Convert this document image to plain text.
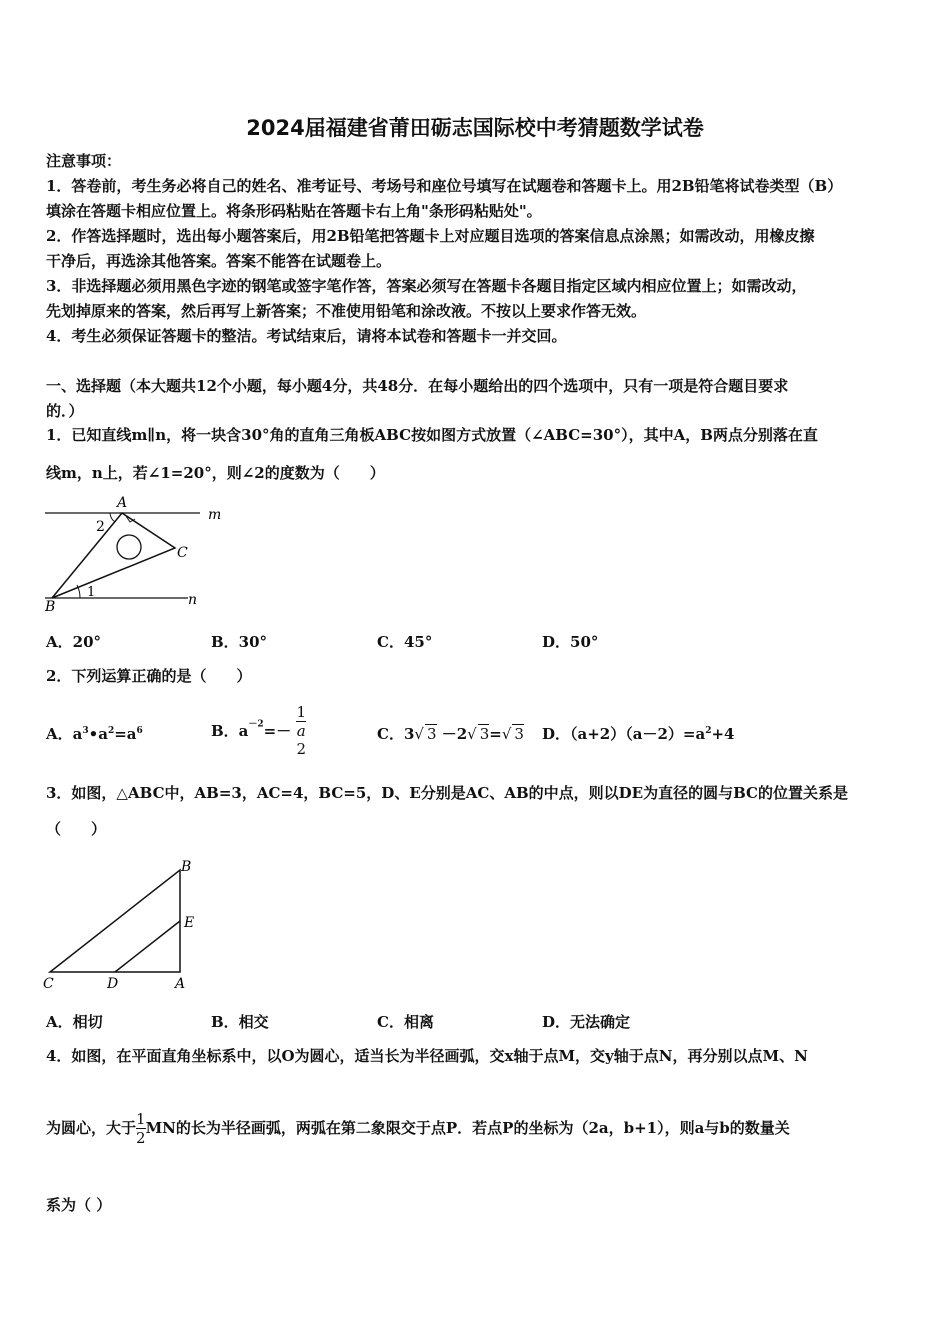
2024届福建省莆田砺志国际校中考猜题数学试卷
注意事项：
1．答卷前，考生务必将自己的姓名、准考证号、考场号和座位号填写在试题卷和答题卡上。用2B铅笔将试卷类型（B）
填涂在答题卡相应位置上。将条形码粘贴在答题卡右上角"条形码粘贴处"。
2．作答选择题时，选出每小题答案后，用2B铅笔把答题卡上对应题目选项的答案信息点涂黑；如需改动，用橡皮擦
干净后，再选涂其他答案。答案不能答在试题卷上。
3．非选择题必须用黑色字迹的钢笔或签字笔作答，答案必须写在答题卡各题目指定区域内相应位置上；如需改动，
先划掉原来的答案，然后再写上新答案；不准使用铅笔和涂改液。不按以上要求作答无效。
4．考生必须保证答题卡的整洁。考试结束后，请将本试卷和答题卡一并交回。
一、选择题（本大题共12个小题，每小题4分，共48分．在每小题给出的四个选项中，只有一项是符合题目要求
的．）
1．已知直线m∥n，将一块含30°角的直角三角板ABC按如图方式放置（∠ABC=30°），其中A，B两点分别落在直
线m，n上，若∠1=20°，则∠2的度数为（　　）
A
2
C
m
1
B	n
A．20°	B．30°	C．45°	D．50°
2．下列运算正确的是（　　）
A．$a^3•a^2=a^6$	B．$a^{-2}=- 1$
a
2	C．3√ 3 －2√ 3=√ 3 D．$(a+2)(a-2)=a^2+4$
3．如图，△ABC中，AB=3，AC=4，BC=5，D、E分别是AC、AB的中点，则以DE为直径的圆与BC的位置关系是
（　　）
B
E
C	D	A
A．相切	B．相交	C．相离	D．无法确定
4．如图，在平面直角坐标系中，以O为圆心，适当长为半径画弧，交x轴于点M，交y轴于点N，再分别以点M、N
为圆心，大于 $\frac{1}{2}$ MN的长为半径画弧，两弧在第二象限交于点P．若点P的坐标为（2a，b+1），则a与b的数量关
系为（ ）
